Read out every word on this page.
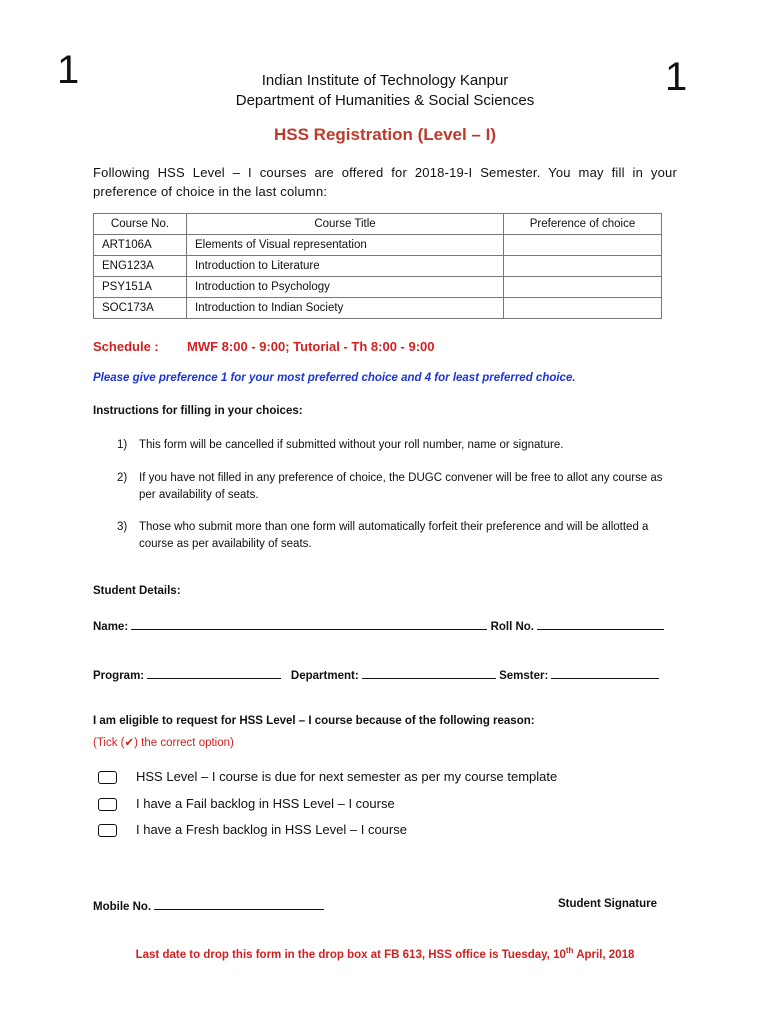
1	1
Indian Institute of Technology Kanpur
Department of Humanities & Social Sciences
HSS Registration (Level – I)
Following HSS Level – I courses are offered for 2018-19-I Semester. You may fill in your preference of choice in the last column:
Course No.	Course Title	Preference of choice
ART106A	Elements of Visual representation	
ENG123A	Introduction to Literature	
PSY151A	Introduction to Psychology	
SOC173A	Introduction to Indian Society	
Schedule : MWF 8:00 - 9:00; Tutorial - Th 8:00 - 9:00
Please give preference 1 for your most preferred choice and 4 for least preferred choice.
Instructions for filling in your choices:
1) This form will be cancelled if submitted without your roll number, name or signature.
2) If you have not filled in any preference of choice, the DUGC convener will be free to allot any course as per availability of seats.
3) Those who submit more than one form will automatically forfeit their preference and will be allotted a course as per availability of seats.
Student Details:
Name:	Roll No.
Program:	Department:	Semster:
I am eligible to request for HSS Level – I course because of the following reason:
(Tick (✔) the correct option)
HSS Level – I course is due for next semester as per my course template
I have a Fail backlog in HSS Level – I course
I have a Fresh backlog in HSS Level – I course
Mobile No.	Student Signature
Last date to drop this form in the drop box at FB 613, HSS office is Tuesday, 10th April, 2018
